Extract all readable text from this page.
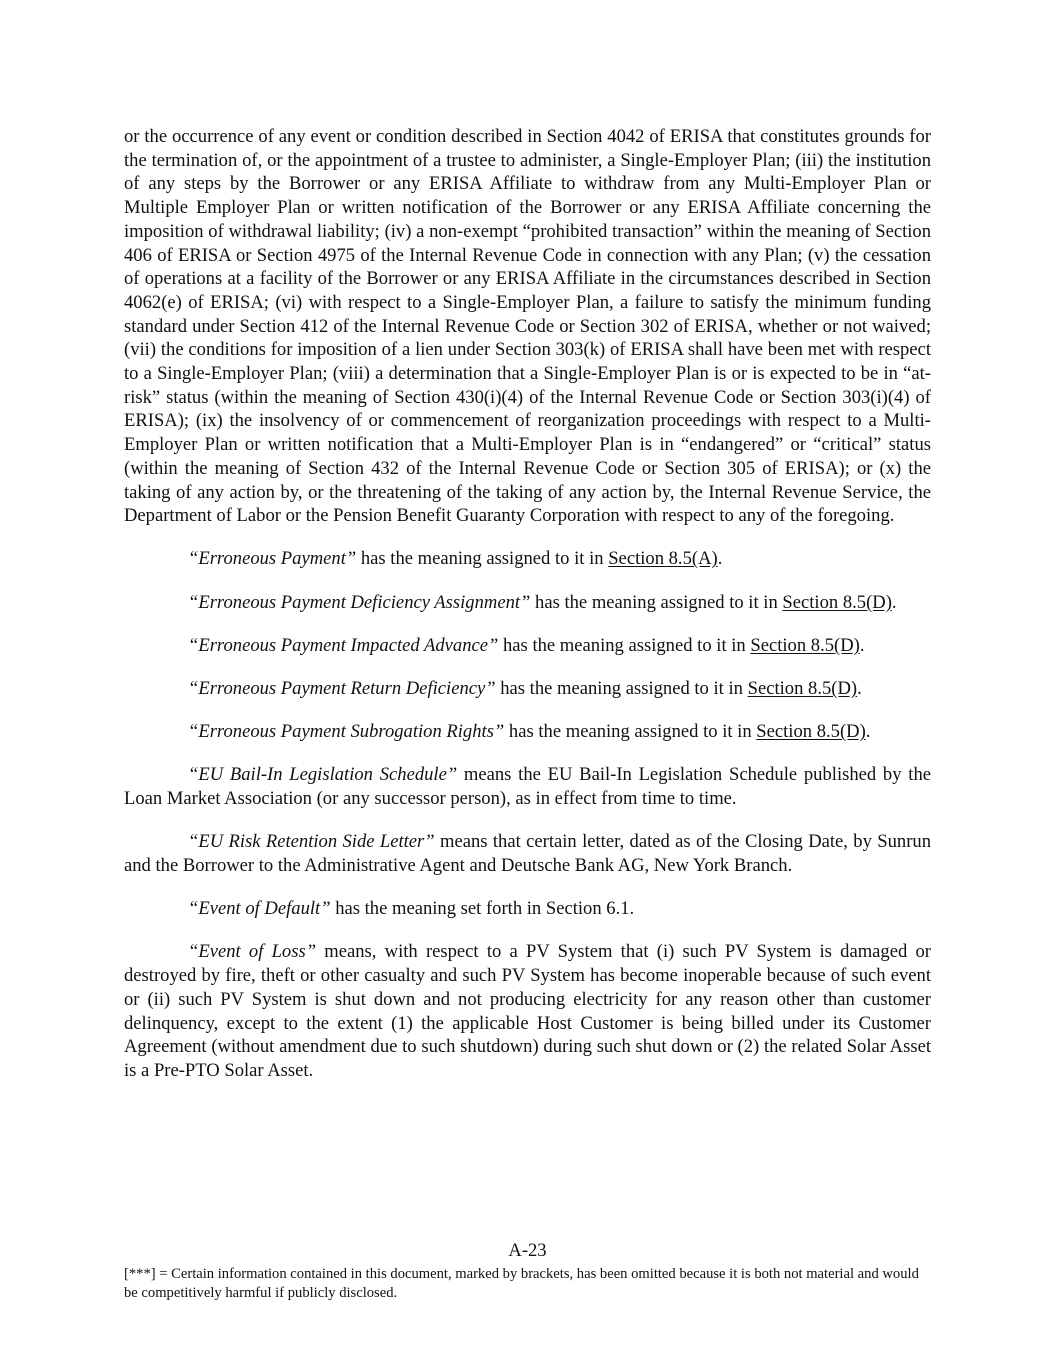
or the occurrence of any event or condition described in Section 4042 of ERISA that constitutes grounds for the termination of, or the appointment of a trustee to administer, a Single-Employer Plan; (iii) the institution of any steps by the Borrower or any ERISA Affiliate to withdraw from any Multi-Employer Plan or Multiple Employer Plan or written notification of the Borrower or any ERISA Affiliate concerning the imposition of withdrawal liability; (iv) a non-exempt “prohibited transaction” within the meaning of Section 406 of ERISA or Section 4975 of the Internal Revenue Code in connection with any Plan; (v) the cessation of operations at a facility of the Borrower or any ERISA Affiliate in the circumstances described in Section 4062(e) of ERISA; (vi) with respect to a Single-Employer Plan, a failure to satisfy the minimum funding standard under Section 412 of the Internal Revenue Code or Section 302 of ERISA, whether or not waived; (vii) the conditions for imposition of a lien under Section 303(k) of ERISA shall have been met with respect to a Single-Employer Plan; (viii) a determination that a Single-Employer Plan is or is expected to be in “at-risk” status (within the meaning of Section 430(i)(4) of the Internal Revenue Code or Section 303(i)(4) of ERISA); (ix) the insolvency of or commencement of reorganization proceedings with respect to a Multi-Employer Plan or written notification that a Multi-Employer Plan is in “endangered” or “critical” status (within the meaning of Section 432 of the Internal Revenue Code or Section 305 of ERISA); or (x) the taking of any action by, or the threatening of the taking of any action by, the Internal Revenue Service, the Department of Labor or the Pension Benefit Guaranty Corporation with respect to any of the foregoing.

“Erroneous Payment” has the meaning assigned to it in Section 8.5(A).

“Erroneous Payment Deficiency Assignment” has the meaning assigned to it in Section 8.5(D).

“Erroneous Payment Impacted Advance” has the meaning assigned to it in Section 8.5(D).

“Erroneous Payment Return Deficiency” has the meaning assigned to it in Section 8.5(D).

“Erroneous Payment Subrogation Rights” has the meaning assigned to it in Section 8.5(D).

“EU Bail-In Legislation Schedule” means the EU Bail-In Legislation Schedule published by the Loan Market Association (or any successor person), as in effect from time to time.

“EU Risk Retention Side Letter” means that certain letter, dated as of the Closing Date, by Sunrun and the Borrower to the Administrative Agent and Deutsche Bank AG, New York Branch.

“Event of Default” has the meaning set forth in Section 6.1.

“Event of Loss” means, with respect to a PV System that (i) such PV System is damaged or destroyed by fire, theft or other casualty and such PV System has become inoperable because of such event or (ii) such PV System is shut down and not producing electricity for any reason other than customer delinquency, except to the extent (1) the applicable Host Customer is being billed under its Customer Agreement (without amendment due to such shutdown) during such shut down or (2) the related Solar Asset is a Pre-PTO Solar Asset.

A-23
[***] = Certain information contained in this document, marked by brackets, has been omitted because it is both not material and would be competitively harmful if publicly disclosed.
